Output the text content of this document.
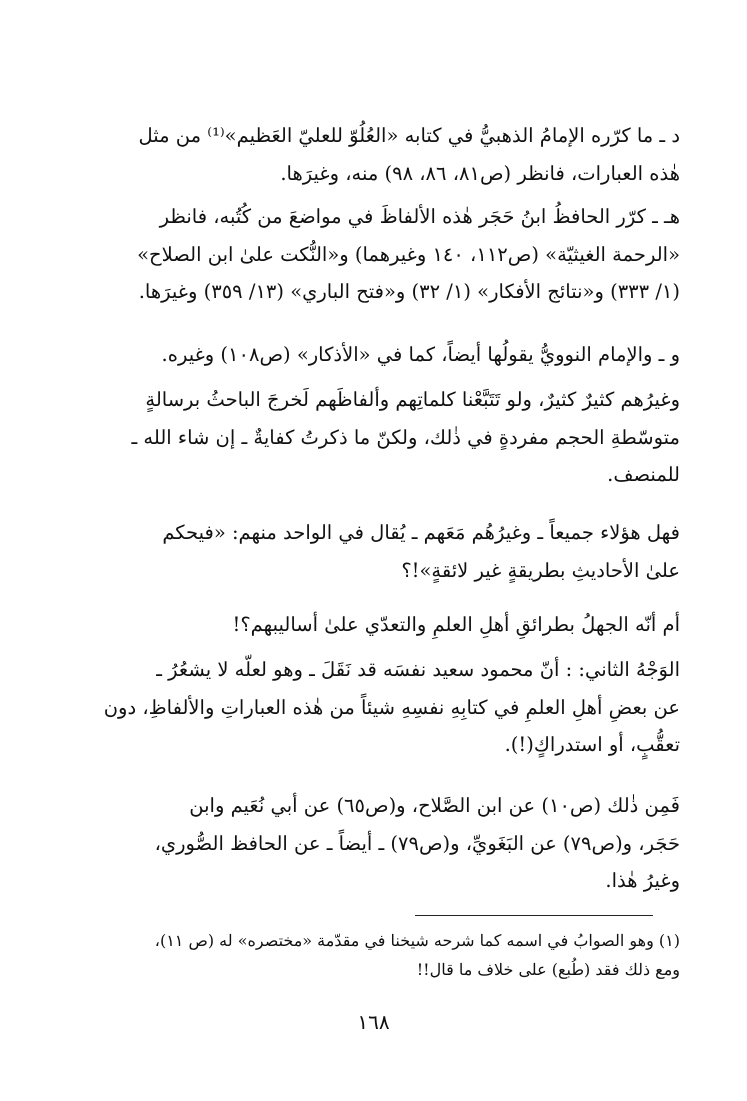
د ـ ما كرّره الإمامُ الذهبيُّ في كتابه «العُلُوّ للعليّ العَظيم»⁽¹⁾ من مثل
هٰذه العبارات، فانظر (ص٨١، ٨٦، ٩٨) منه، وغيرَها.
هـ ـ كرّر الحافظُ ابنُ حَجَر هٰذه الألفاظَ في مواضعَ من كُتُبه، فانظر
«الرحمة الغيثيّة» (ص١١٢، ١٤٠ وغيرهما) و«النُّكت علىٰ ابن الصلاح»
(١/ ٣٣٣) و«نتائج الأفكار» (١/ ٣٢) و«فتح الباري» (١٣/ ٣٥٩) وغيرَها.
و ـ والإمام النوويُّ يقولُها أيضاً، كما في «الأذكار» (ص١٠٨) وغيره.
وغيرُهم كثيرٌ كثيرٌ، ولو تَتَبَّعْنا كلماتِهم وألفاظَهم لَخرجَ الباحثُ برسالةٍ
متوسّطةِ الحجم مفردةٍ في ذٰلك، ولكنّ ما ذكرتُ كفايةٌ ـ إن شاء الله ـ
للمنصف.
فهل هؤلاء جميعاً ـ وغيرُهُم مَعَهم ـ يُقال في الواحد منهم: «فيحكم
علىٰ الأحاديثِ بطريقةٍ غير لائقةٍ»!؟
أم أنّه الجهلُ بطرائقِ أهلِ العلمِ والتعدّي علىٰ أساليبهم؟!
الوَجْهُ الثاني: : أنّ محمود سعيد نفسَه قد نَقَلَ ـ وهو لعلّه لا يشعُرُ ـ
عن بعضِ أهلِ العلمِ في كتابِهِ نفسِهِ شيئاً من هٰذه العباراتِ والألفاظِ، دون
تعقُّبٍ، أو استدراكٍ(!).
فَمِن ذٰلك (ص١٠) عن ابن الصَّلاح، و(ص٦٥) عن أبي نُعَيم وابن
حَجَر، و(ص٧٩) عن البَغَويِّ، و(ص٧٩) ـ أيضاً ـ عن الحافظ الصُّوري،
وغيرُ هٰذا.
(١) وهو الصوابُ في اسمه كما شرحه شيخنا في مقدّمة «مختصره» له (ص ١١)،
ومع ذلك فقد (طُبع) على خلاف ما قال!!
١٦٨
